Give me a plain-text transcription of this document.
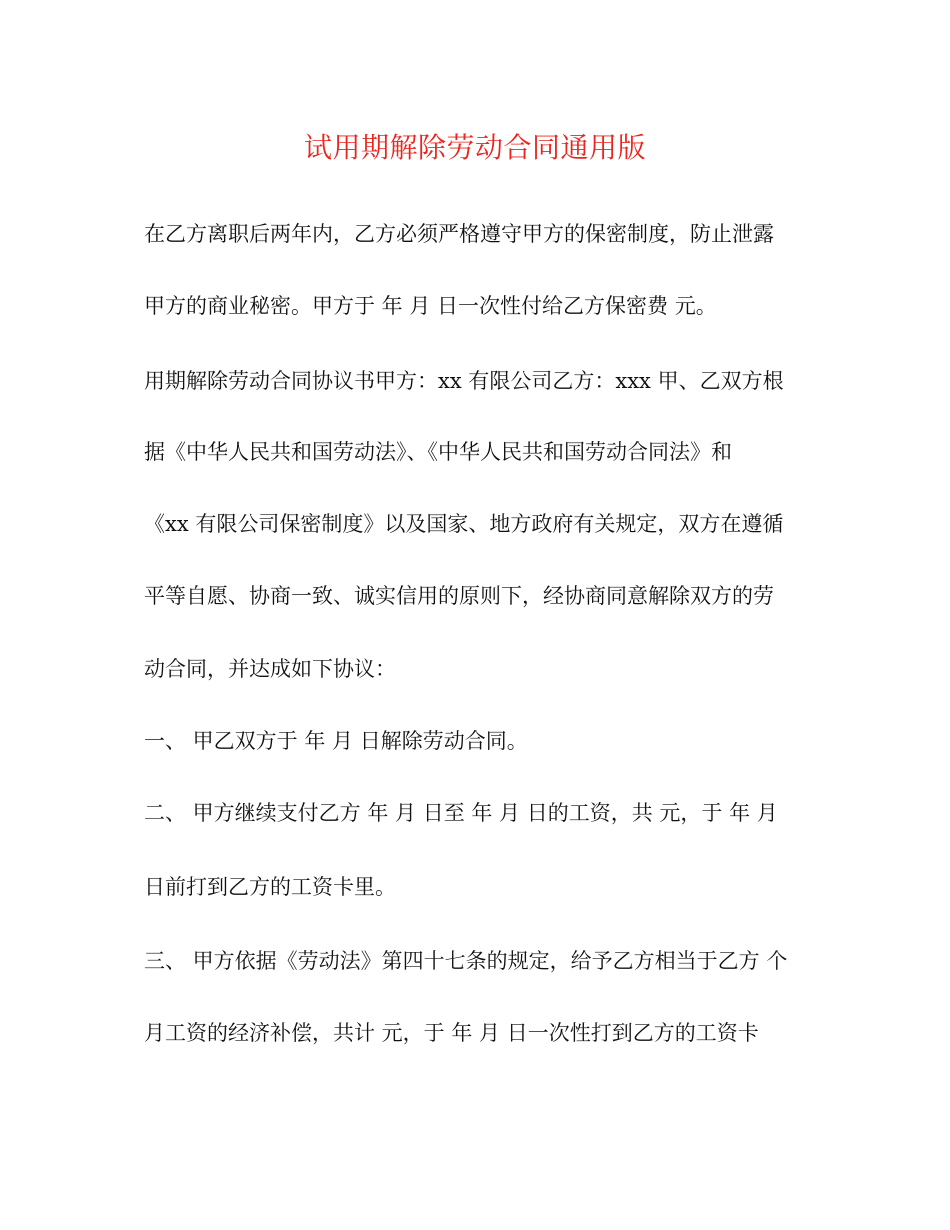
试用期解除劳动合同通用版
在乙方离职后两年内，乙方必须严格遵守甲方的保密制度，防止泄露
甲方的商业秘密。甲方于 年 月 日一次性付给乙方保密费 元。
用期解除劳动合同协议书甲方：xx 有限公司乙方：xxx 甲、乙双方根
据《中华人民共和国劳动法》、《中华人民共和国劳动合同法》和
《xx 有限公司保密制度》以及国家、地方政府有关规定，双方在遵循
平等自愿、协商一致、诚实信用的原则下，经协商同意解除双方的劳
动合同，并达成如下协议：
一、 甲乙双方于 年 月 日解除劳动合同。
二、 甲方继续支付乙方 年 月 日至 年 月 日的工资，共 元，于 年 月
日前打到乙方的工资卡里。
三、 甲方依据《劳动法》第四十七条的规定，给予乙方相当于乙方 个
月工资的经济补偿，共计 元，于 年 月 日一次性打到乙方的工资卡
